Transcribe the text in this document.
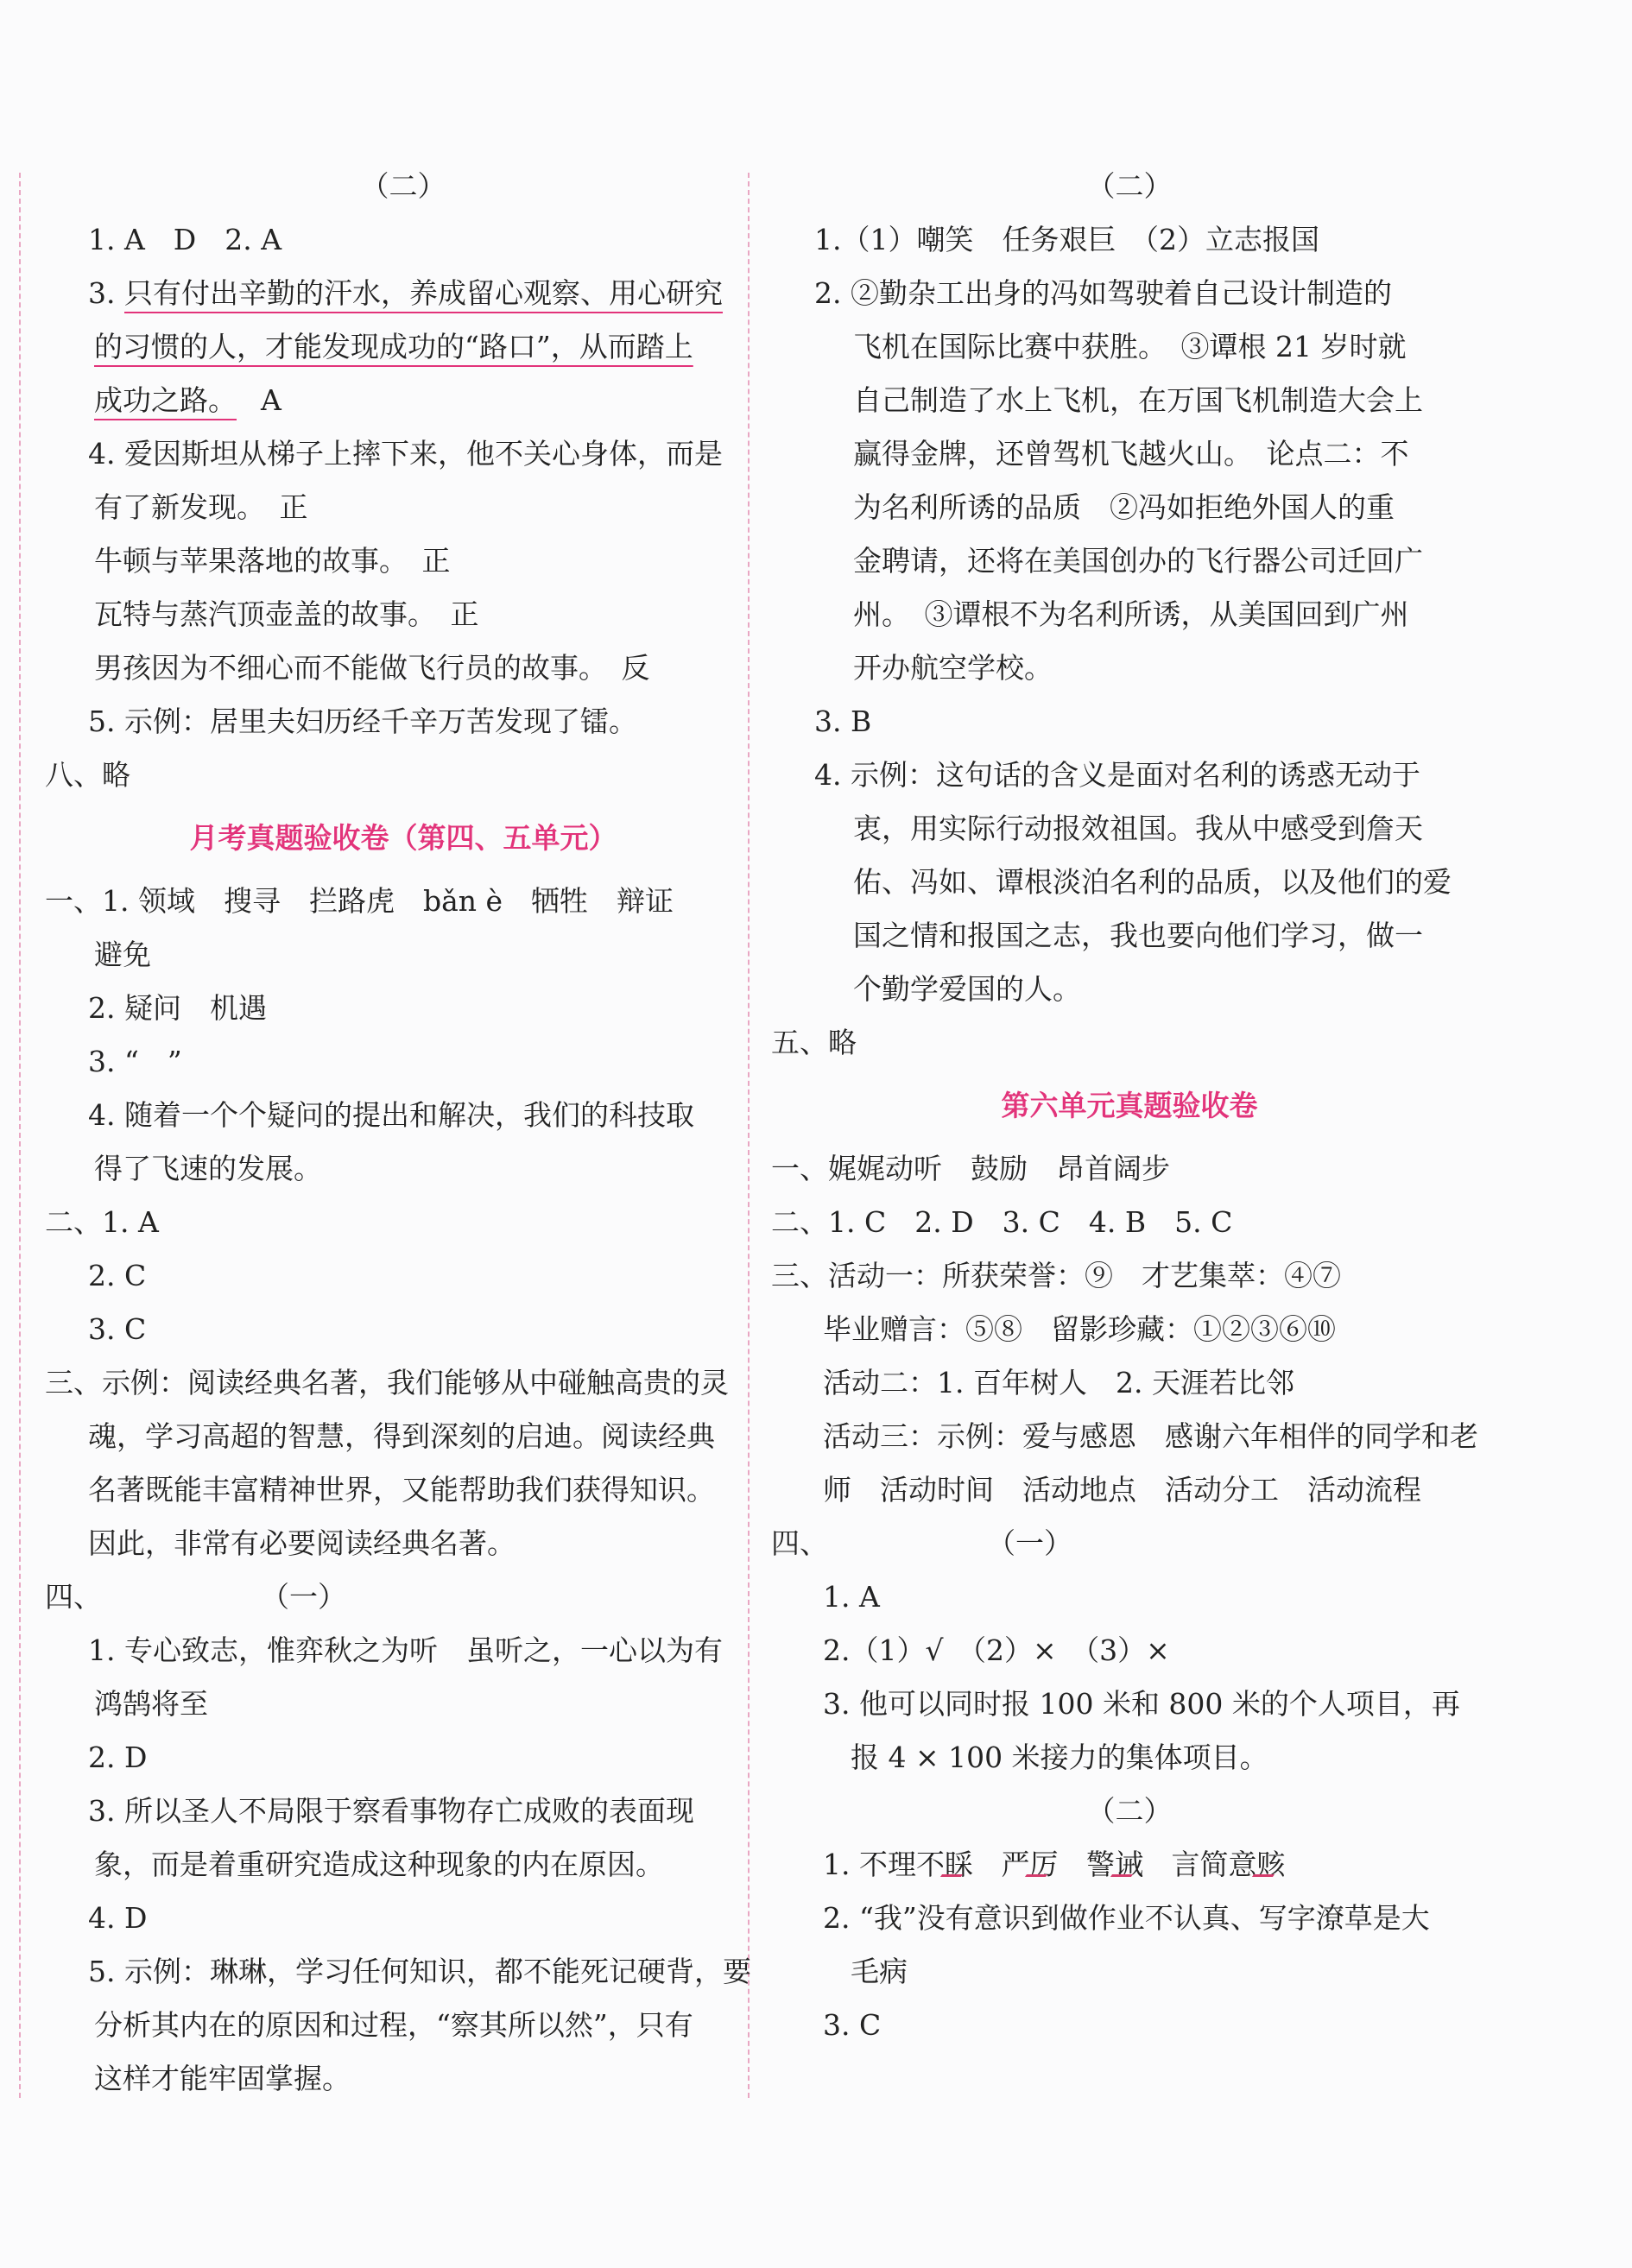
（二）
1. A　D　2. A
3. 只有付出辛勤的汗水，养成留心观察、用心研究
的习惯的人，才能发现成功的“路口”，从而踏上
成功之路。 A
4. 爱因斯坦从梯子上摔下来，他不关心身体，而是
有了新发现。　正
牛顿与苹果落地的故事。　正
瓦特与蒸汽顶壶盖的故事。　正
男孩因为不细心而不能做飞行员的故事。　反
5. 示例：居里夫妇历经千辛万苦发现了镭。
八、略
月考真题验收卷（第四、五单元）
一、1. 领域　搜寻　拦路虎　bǎn è　牺牲　辩证
避免
2. 疑问　机遇
3. “　”
4. 随着一个个疑问的提出和解决，我们的科技取
得了飞速的发展。
二、1. A
2. C
3. C
三、示例：阅读经典名著，我们能够从中碰触高贵的灵
魂，学习高超的智慧，得到深刻的启迪。阅读经典
名著既能丰富精神世界，又能帮助我们获得知识。
因此，非常有必要阅读经典名著。
四、	（一）
1. 专心致志，惟弈秋之为听　虽听之，一心以为有
鸿鹄将至
2. D
3. 所以圣人不局限于察看事物存亡成败的表面现
象，而是着重研究造成这种现象的内在原因。
4. D
5. 示例：琳琳，学习任何知识，都不能死记硬背，要
分析其内在的原因和过程，“察其所以然”，只有
这样才能牢固掌握。
（二）
1.（1）嘲笑　任务艰巨　（2）立志报国
2. ②勤杂工出身的冯如驾驶着自己设计制造的
飞机在国际比赛中获胜。　③谭根 21 岁时就
自己制造了水上飞机，在万国飞机制造大会上
赢得金牌，还曾驾机飞越火山。　论点二：不
为名利所诱的品质　②冯如拒绝外国人的重
金聘请，还将在美国创办的飞行器公司迁回广
州。　③谭根不为名利所诱，从美国回到广州
开办航空学校。
3. B
4. 示例：这句话的含义是面对名利的诱惑无动于
衷，用实际行动报效祖国。我从中感受到詹天
佑、冯如、谭根淡泊名利的品质，以及他们的爱
国之情和报国之志，我也要向他们学习，做一
个勤学爱国的人。
五、略
第六单元真题验收卷
一、娓娓动听　鼓励　昂首阔步
二、1. C　2. D　3. C　4. B　5. C
三、活动一：所获荣誉：⑨　才艺集萃：④⑦
毕业赠言：⑤⑧　留影珍藏：①②③⑥⑩
活动二：1. 百年树人　2. 天涯若比邻
活动三：示例：爱与感恩　感谢六年相伴的同学和老
师　活动时间　活动地点　活动分工　活动流程
四、	（一）
1. A
2.（1）√　（2）×　（3）×
3. 他可以同时报 100 米和 800 米的个人项目，再
报 4 × 100 米接力的集体项目。
（二）
1. 不理不睬 严厉 警诫 言简意赅
2. “我”没有意识到做作业不认真、写字潦草是大
毛病
3. C
